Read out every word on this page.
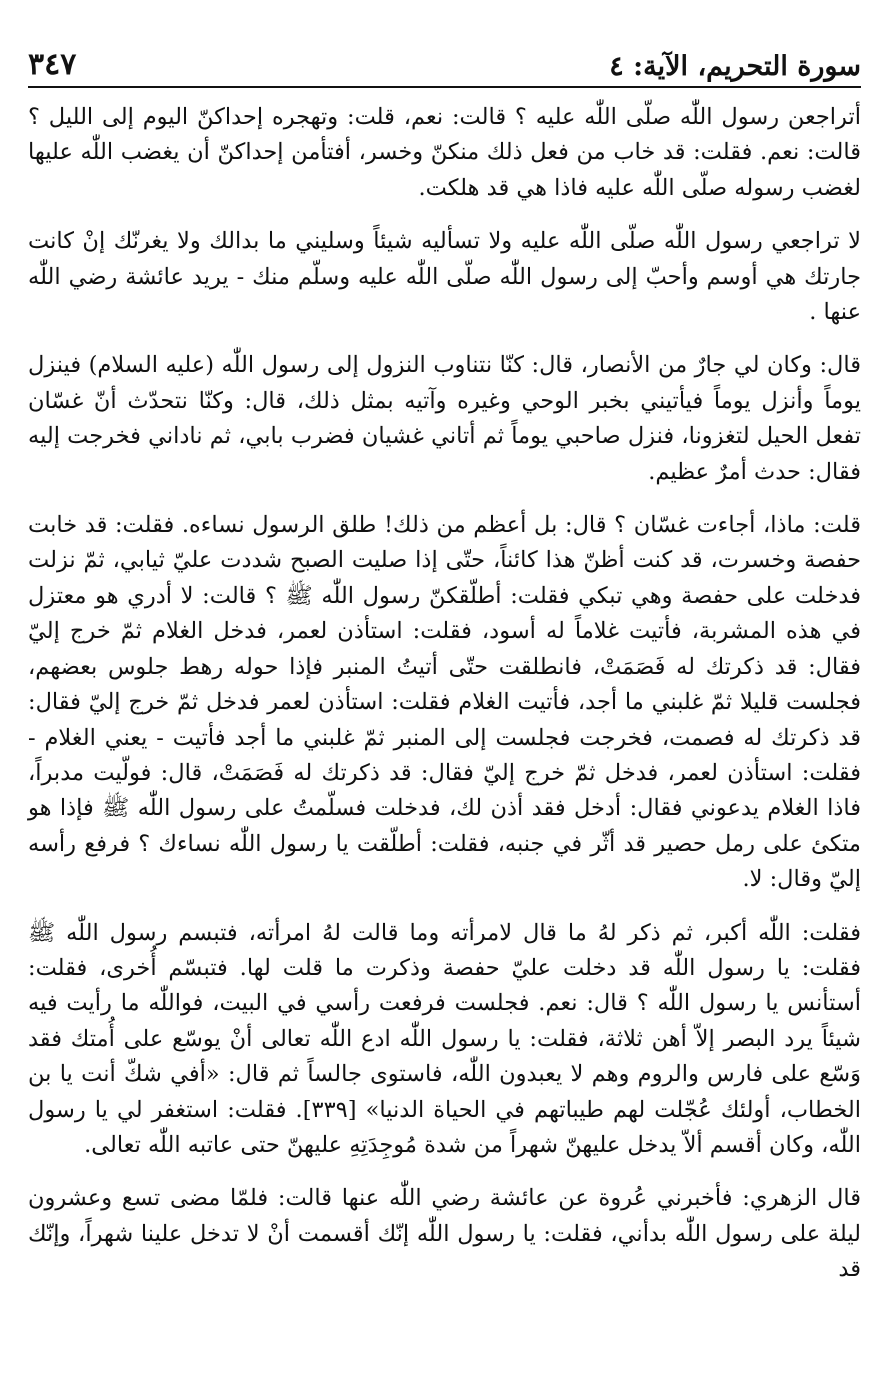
سورة التحريم، الآية: ٤
٣٤٧

أتراجعن رسول اللّٰه صلّى اللّٰه عليه ؟ قالت: نعم، قلت: وتهجره إحداكنّ اليوم إلى الليل ؟ قالت: نعم. فقلت: قد خاب من فعل ذلك منكنّ وخسر، أفتأمن إحداكنّ أن يغضب اللّٰه عليها لغضب رسوله صلّى اللّٰه عليه فاذا هي قد هلكت.

لا تراجعي رسول اللّٰه صلّى اللّٰه عليه ولا تسأليه شيئاً وسليني ما بدالك ولا يغرنّك إنْ كانت جارتك هي أوسم وأحبّ إلى رسول اللّٰه صلّى اللّٰه عليه وسلّم منك - يريد عائشة رضي اللّٰه عنها .

قال: وكان لي جارٌ من الأنصار، قال: كنّا نتناوب النزول إلى رسول اللّٰه (عليه السلام) فينزل يوماً وأنزل يوماً فيأتيني بخبر الوحي وغيره وآتيه بمثل ذلك، قال: وكنّا نتحدّث أنّ غسّان تفعل الحيل لتغزونا، فنزل صاحبي يوماً ثم أتاني غشيان فضرب بابي، ثم ناداني فخرجت إليه فقال: حدث أمرٌ عظيم.

قلت: ماذا، أجاءت غسّان ؟ قال: بل أعظم من ذلك! طلق الرسول نساءه. فقلت: قد خابت حفصة وخسرت، قد كنت أظنّ هذا كائناً، حتّى إذا صليت الصبح شددت عليّ ثيابي، ثمّ نزلت فدخلت على حفصة وهي تبكي فقلت: أطلّقكنّ رسول اللّٰه ﷺ ؟ قالت: لا أدري هو معتزل في هذه المشربة، فأتيت غلاماً له أسود، فقلت: استأذن لعمر، فدخل الغلام ثمّ خرج إليّ فقال: قد ذكرتك له فَصَمَتْ، فانطلقت حتّى أتيتُ المنبر فإذا حوله رهط جلوس بعضهم، فجلست قليلا ثمّ غلبني ما أجد، فأتيت الغلام فقلت: استأذن لعمر فدخل ثمّ خرج إليّ فقال: قد ذكرتك له فصمت، فخرجت فجلست إلى المنبر ثمّ غلبني ما أجد فأتيت - يعني الغلام - فقلت: استأذن لعمر، فدخل ثمّ خرج إليّ فقال: قد ذكرتك له فَصَمَتْ، قال: فولّيت مدبراً، فاذا الغلام يدعوني فقال: أدخل فقد أذن لك، فدخلت فسلّمتُ على رسول اللّٰه ﷺ فإذا هو متكئ على رمل حصير قد أثّر في جنبه، فقلت: أطلّقت يا رسول اللّٰه نساءك ؟ فرفع رأسه إليّ وقال: لا.

فقلت: اللّٰه أكبر، ثم ذكر لهُ ما قال لامرأته وما قالت لهُ امرأته، فتبسم رسول اللّٰه ﷺ فقلت: يا رسول اللّٰه قد دخلت عليّ حفصة وذكرت ما قلت لها. فتبسّم أُخرى، فقلت: أستأنس يا رسول اللّٰه ؟ قال: نعم. فجلست فرفعت رأسي في البيت، فواللّٰه ما رأيت فيه شيئاً يرد البصر إلاّ أهن ثلاثة، فقلت: يا رسول اللّٰه ادع اللّٰه تعالى أنْ يوسّع على أُمتك فقد وَسّع على فارس والروم وهم لا يعبدون اللّٰه، فاستوى جالساً ثم قال: «أفي شكّ أنت يا بن الخطاب، أولئك عُجّلت لهم طيباتهم في الحياة الدنيا» [٣٣٩]. فقلت: استغفر لي يا رسول اللّٰه، وكان أقسم ألاّ يدخل عليهنّ شهراً من شدة مُوجِدَتِهِ عليهنّ حتى عاتبه اللّٰه تعالى.

قال الزهري: فأخبرني عُروة عن عائشة رضي اللّٰه عنها قالت: فلمّا مضى تسع وعشرون ليلة على رسول اللّٰه بدأني، فقلت: يا رسول اللّٰه إنّك أقسمت أنْ لا تدخل علينا شهراً، وإنّك قد
